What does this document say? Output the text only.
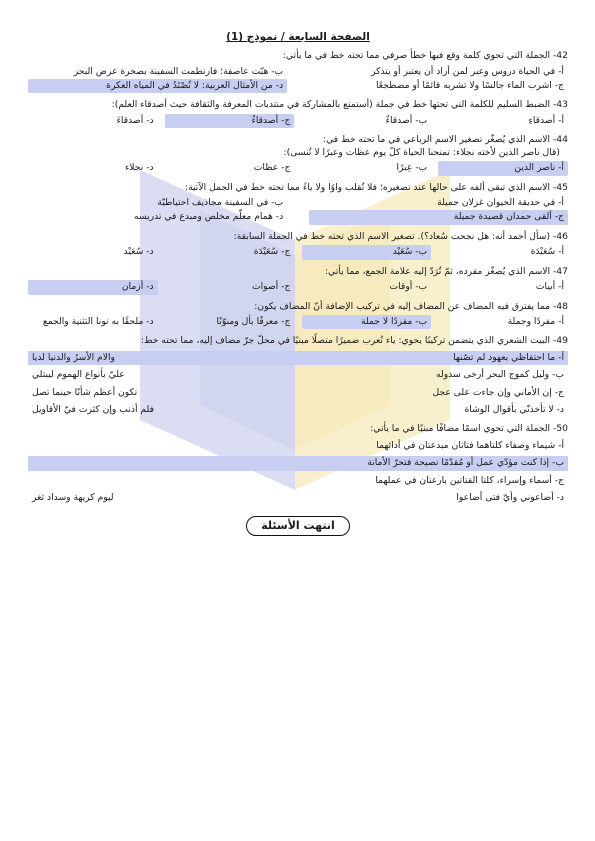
الصفحة السابعة / نموذج (1)
42- الجملة التي تحوي كلمة وقع فيها خطأ صرفي مما تحته خط في ما يأتي:
أ- في الحياة دروس وعبر لمن أراد أن يعتبر أو يتذكر
ب- هبّت عاصفة؛ فارتطمت السفينة بصخرة عرض البحر
ج- اشرب الماء جالسًا ولا تشربه قائمًا أو مضطجعًا
د- من الأمثال العربية: لا تُصْتَدُ في المياه العكرة
43- الضبط السليم للكلمة التي تحتها خط في جملة (أستمتع بالمشاركة في منتديات المعرفة والثقافة حيث أصدقاء العلم):
أ- أصدقاءِ
ب- أصدقاءٌ
ج- أصدقاءُ
د- أصدقاءَ
44- الاسم الذي يُصغّر تصغير الاسم الرباعي في ما تحته خط في:
(قال ناصر الدين لأخته نجلاء: تمنحنا الحياة كلّ يوم عظات وعبرًا لا تُنسى):
أ- ناصر الدين
ب- عِبرًا
ج- عظات
د- نجلاء
45- الاسم الذي تبقى ألفه على حالها عند تصغيره؛ فلا تُقلب واوًا ولا ياءً مما تحته خط في الجمل الآتية:
أ- في حديقة الحيوان غزلان جميلة
ب- في السفينة مجاذيف احتياطيّة
ج- ألقى حمدان قصيدة جميلة
د- همام معلّم مخلص ومبدع في تدريسه
46- (سأل أحمد أنه: هل نجحت سُعاد؟). تصغير الاسم الذي تحته خط في الجملة السابقة:
أ- سُعَيْدَة
ب- سُعَيْد
ج- سُعَيْدَة
د- سُعَيْد
47- الاسم الذي يُصغّر مفرده، ثمّ تُرَدّ إليه علامة الجمع، مما يأتي:
أ- أبيات
ب- أوقات
ج- أصوات
د- أزمان
48- مما يفترق فيه المضاف عن المضاف إليه في تركيب الإضافة أنّ المضاف يكون:
أ- مفردًا وجملة
ب- مفردًا لا جملة
ج- معرفًا بأل ومنوّنًا
د- ملحقًا به نونا التثنية والجمع
49- البيت الشعري الذي يتضمن تركيبًا يحوي: ياء تُعرب ضميرًا متصلًا مبنيًا في محلّ جرّ مضاف إليه، مما تحته خط:
أ- ما احتفاظي بعهود لم تصُنها
والام الأسرُ والدنيا لديا
ب- وليل كموج البحر أرخى سدوله
عليّ بأنواع الهموم ليبتلي
ج- إن الأماني وإن جاءت على عجل
تكون أعظم شأنًا حينما تصل
د- لا تأخذنّي بأقوال الوشاة
فلم أذنب وإن كثرت فيّ الأقاويل
50- الجملة التي تحوي اسمًا مضافًا مبنيًا في ما يأتي:
أ- شيماء وصفاء كلتاهما فتاتان مبدعتان في أدائهما
ب- إذا كنت مؤدّي عمل أو مُقدّمًا نصيحة فتحرّ الأمانة
ج- أسماء وإسراء، كلتا الفتاتين بارعتان في عملهما
د- أضاعوني وأيّ فتى أضاعوا
ليوم كريهة وسداد ثغر
انتهت الأسئلة
